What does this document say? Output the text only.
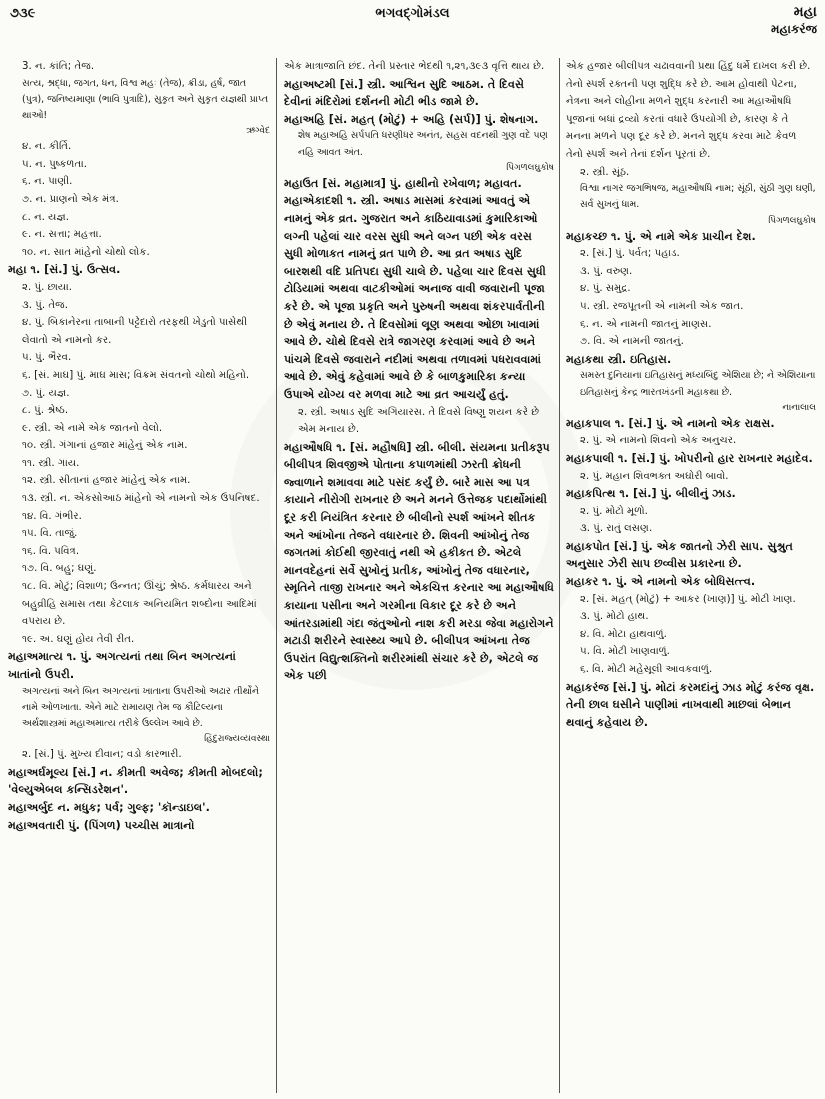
૭૩૯	ભગવદ્ગોમંડલ	મહા
મહાકરંજ
3. ન. કાંતિ; તેજ.
સત્ય, શ્રદ્ધા, જગત, ધન, વિશ્વ મહઃ (તેજ), ક્રીડા, હર્ષ, જાત (પુત્ર), જનિષ્યમાણા (ભાવિ પુત્રાદિ), સુકૃત અને સુકૃત યજ્ઞથી પ્રાપ્ત થાઓ!
ઋગ્વેદ
૪. ન. કીર્તિ.
૫. ન. પુષ્કળતા.
૬. ન. પાણી.
૭. ન. પ્રાણનો એક મંત્ર.
૮. ન. યજ્ઞ.
૯. ન. સત્તા; મહત્તા.
૧૦. ન. સાત માંહેનો ચોથો લોક.
મહા ૧. [સં.] પું. ઉત્સવ.
૨. પું. છાયા.
૩. પું. તેજ.
૪. પું. બિકાનેરના તાબાની પટ્ટેદારો તરફથી ખેડુતો પાસેથી લેવાતો એ નામનો કર.
૫. પું. ભૈરવ.
૬. [સં. માઘ] પું. માઘ માસ; વિક્રમ સંવતનો ચોથો મહિનો.
૭. પું. યજ્ઞ.
૮. પું. શ્રેષ્ઠ.
૯. સ્ત્રી. એ નામે એક જાતનો વેલો.
૧૦. સ્ત્રી. ગંગાનાં હજાર માંહેનું એક નામ.
૧૧. સ્ત્રી. ગાય.
૧૨. સ્ત્રી. સીતાનાં હજાર માંહેનું એક નામ.
૧૩. સ્ત્રી. ન. એકસોઆઠ માંહેનો એ નામનો એક ઉપનિષદ.
૧૪. વિ. ગંભીર.
૧૫. વિ. તાજું.
૧૬. વિ. પવિત્ર.
૧૭. વિ. બહુ; ઘણું.
૧૮. વિ. મોટું; વિશાળ; ઉન્નત; ઊંચું; શ્રેષ્ઠ. કર્મધારય અને બહુવ્રીહિ સમાસ તથા કેટલાક અનિયમિત શબ્દોના આદિમાં વપરાય છે.
૧૯. અ. ઘણું હોય તેવી રીત.
મહાઅમાત્ય ૧. પું. અગત્યનાં તથા બિન અગત્યનાં ખાતાંનો ઉપરી.
અગત્યનાં અને બિન અગત્યનાં ખાતાના ઉપરીઓ અઢાર તીર્થોને નામે ઓળખાતા. એને માટે રામાયણ તેમ જ કૌટિલ્યના અર્થશાસ્ત્રમાં મહાઅમાત્ય તરીકે ઉલ્લેખ આવે છે.
હિંદુરાજ્યવ્યવસ્થા
૨. [સં.] પું. મુખ્ય દીવાન; વડો કારભારી.
મહાઅર્ઘમૂલ્ય [સં.] ન. કીમતી અવેજ; કીમતી મોબદલો; 'વેલ્યુએબલ કન્સિડરેશન'.
મહાઅર્બુદ ન. મધુક; પર્વ; ગુલ્ફ; 'કૉન્ડાઇલ'.
મહાઅવતારી પું. (પિંગળ) પચ્ચીસ માત્રાનો
એક માત્રાજાતિ છંદ. તેની પ્રસ્તાર ભેદથી ૧,૨૧,૩૯૩ વૃત્તિ થાય છે.
મહાઅષ્ટમી [સં.] સ્ત્રી. આશ્વિન સુદિ આઠમ. તે દિવસે દેવીનાં મંદિરોમાં દર્શનની મોટી ભીડ જામે છે.
મહાઅહિ [સં. મહત્ (મોટું) + અહિ (સર્પ)] પું. શેષનાગ.
શેષ મહાઅહિ સર્પપતિ ધરણીધર અનંત, સહસ વદનથી ગુણ વદે પણ નહિ આવત અંત.
પિંગળલઘુકોષ
મહાઉત [સં. મહામાત્ર] પું. હાથીનો રખેવાળ; મહાવત.
મહાએકાદશી ૧. સ્ત્રી. અષાડ માસમાં કરવામાં આવતું એ નામનું એક વ્રત. ગુજરાત અને કાઠિયાવાડમાં કુમારિકાઓ લગ્ની પહેલાં ચાર વરસ સુધી અને લગ્ન પછી એક વરસ સુધી મોળાકત નામનું વ્રત પાળે છે. આ વ્રત અષાડ સુદિ બારશથી વદિ પ્રતિપદા સુધી ચાલે છે. પહેલા ચાર દિવસ સુધી ટોડિયામાં અથવા વાટકીઓમાં અનાજ વાવી જવારાની પૂજા કરે છે. એ પૂજા પ્રકૃતિ અને પુરુષની અથવા શંકરપાર્વતીની છે એવું મનાય છે. તે દિવસોમાં લૂણ અથવા ઓછા ખાવામાં આવે છે. ચોથે દિવસે રાત્રે જાગરણ કરવામાં આવે છે અને પાંચમે દિવસે જવારાને નદીમાં અથવા તળાવમાં પધરાવવામાં આવે છે. એવું કહેવામાં આવે છે કે બાળકુમારિકા કન્યા ઉપાએ યોગ્ય વર મળવા માટે આ વ્રત આચર્યું હતું.
૨. સ્ત્રી. અષાડ સુદિ અગિયારસ. તે દિવસે વિષ્ણુ શયન કરે છે એમ મનાય છે.
મહાઔષધિ ૧. [સં. મહૌષધિ] સ્ત્રી. બીલી. સંયમના પ્રતીકરૂપ બીલીપત્ર શિવજીએ પોતાના કપાળમાંથી ઝરતી ક્રોધની જ્વાળાને શમાવવા માટે પસંદ કર્યું છે. બારે માસ આ પત્ર કાયાને નીરોગી રાખનાર છે અને મનને ઉત્તેજક પદાર્થોમાંથી દૂર કરી નિયંત્રિત કરનાર છે બીલીનો સ્પર્શ આંખને શીતક અને આંખોના તેજને વધારનાર છે. શિવની આંખોનું તેજ જગતમાં કોઈથી જીરવાતું નથી એ હકીકત છે. એટલે માનવદેહનાં સર્વે સુખોનું પ્રતીક, આંખોનું તેજ વધારનાર, સ્મૃતિને તાજી રાખનાર અને એકચિત્ત કરનાર આ મહાઔષધિ કાયાના પસીના અને ગરમીના વિકાર દૂર કરે છે અને આંતરડામાંથી ગંદા જંતુઓનો નાશ કરી મરડા જેવા મહારોગને મટાડી શરીરને સ્વાસ્થ્ય આપે છે. બીલીપત્ર આંખના તેજ ઉપરાંત વિદ્યુત્શક્તિનો શરીરમાંથી સંચાર કરે છે, એટલે જ એક પછી
એક હજાર બીલીપત્ર ચઢાવવાની પ્રથા હિંદુ ધર્મે દાખલ કરી છે. તેનો સ્પર્શ રક્તની પણ શુદ્ધિ કરે છે. આમ હોવાથી પેટના, નેત્રના અને લોહીના મળને શુદ્ધ કરનારી આ મહાઔષધિ પૂજાનાં બધાં દ્રવ્યો કરતાં વધારે ઉપયોગી છે, કારણ કે તે મનના મળને પણ દૂર કરે છે. મનને શુદ્ધ કરવા માટે કેવળ તેનો સ્પર્શ અને તેનાં દર્શન પૂરતાં છે.
૨. સ્ત્રી. સૂંઠ.
વિશ્વા નાગર જગભિષજ, મહાઔષધિ નામ; સૂંઠી, સુંઠી ગુણ ઘણી, સર્વ સુખનું ધામ.
પિંગળલઘુકોષ
મહાકચ્છ ૧. પું. એ નામે એક પ્રાચીન દેશ.
૨. [સં.] પું. પર્વત; પહાડ.
૩. પું. વરુણ.
૪. પું. સમુદ્ર.
૫. સ્ત્રી. રજપૂતની એ નામની એક જાત.
૬. ન. એ નામની જાતનું માણસ.
૭. વિ. એ નામની જાતનું.
મહાકથા સ્ત્રી. ઇતિહાસ.
સમસ્ત દુનિયાના ઇતિહાસનું મધ્યબિંદુ એશિયા છે; ને એશિયાના ઇતિહાસનું કેન્દ્ર ભારતખંડની મહાકથા છે.
નાનાલાલ
મહાકપાલ ૧. [સં.] પું. એ નામનો એક રાક્ષસ.
૨. પું. એ નામનો શિવનો એક અનુચર.
મહાકપાલી ૧. [સં.] પું. ખોપરીનો હાર રાખનાર મહાદેવ.
૨. પું. મહાન શિવભક્ત અઘોરી બાવો.
મહાકપિત્થ ૧. [સં.] પું. બીલીનું ઝાડ.
૨. પું. મોટો મૂળો.
૩. પું. રાતું લસણ.
મહાકપોત [સં.] પું. એક જાતનો ઝેરી સાપ. સુશ્રુત અનુસાર ઝેરી સાપ છવ્વીસ પ્રકારના છે.
મહાકર ૧. પું. એ નામનો એક બોધિસત્ત્વ.
૨. [સં. મહત્ (મોટું) + આકર (ખાણ)] પું. મોટી ખાણ.
૩. પું. મોટો હાથ.
૪. વિ. મોટા હાથવાળું.
૫. વિ. મોટી ખાણવાળું.
૬. વિ. મોટી મહેસૂલી આવકવાળું.
મહાકરંજ [સં.] પું. મોટાં કરમદાંનું ઝાડ મોટું કરંજ વૃક્ષ. તેની છાલ ઘસીને પાણીમાં નાખવાથી માછલાં બેભાન થવાનું કહેવાય છે.
